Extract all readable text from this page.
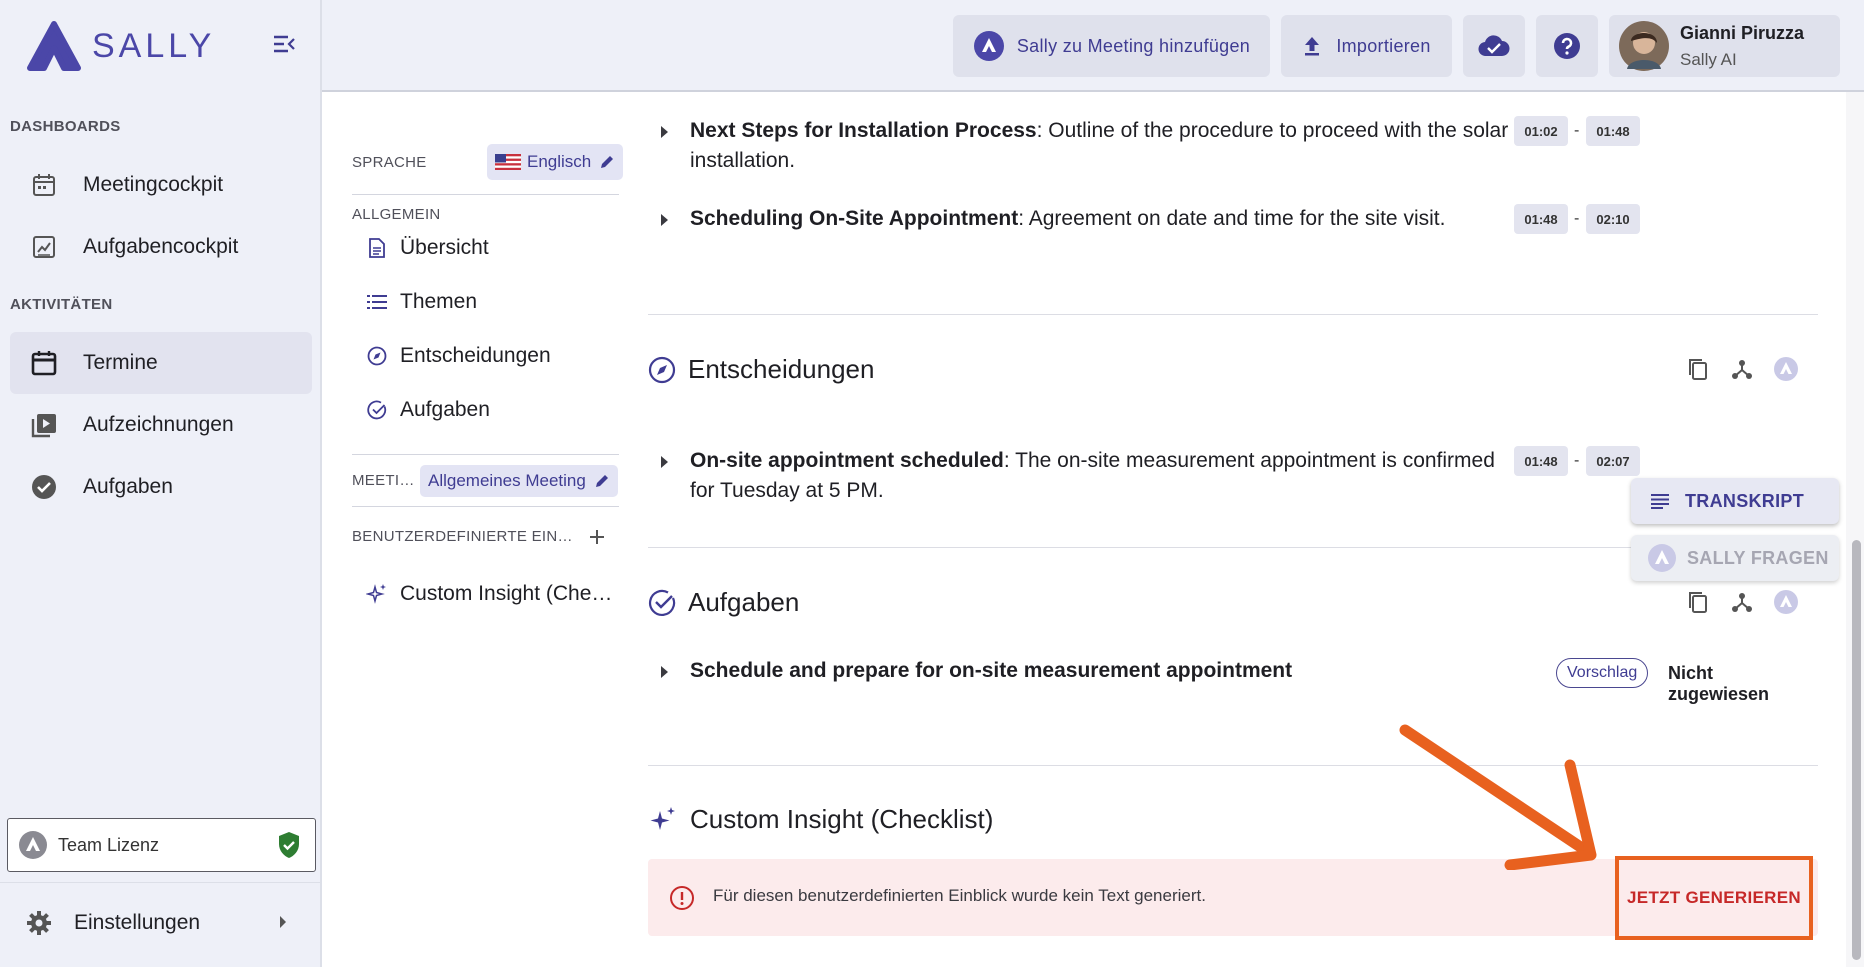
SALLY
DASHBOARDS
Meetingcockpit
Aufgabencockpit
AKTIVITÄTEN
Termine
Aufzeichnungen
Aufgaben
Team Lizenz
Einstellungen
Sally zu Meeting hinzufügen	Importieren
Gianni Piruzza
Sally AI
SPRACHE	Englisch
ALLGEMEIN
Übersicht
Themen
Entscheidungen
Aufgaben
MEETI… Allgemeines Meeting
BENUTZERDEFINIERTE EIN…
Custom Insight (Che…
Next Steps for Installation Process: Outline of the procedure to proceed with the solar installation.
01:02	-	01:48
Scheduling On-Site Appointment: Agreement on date and time for the site visit.	01:48	-	02:10
Entscheidungen
On-site appointment scheduled: The on-site measurement appointment is confirmed for Tuesday at 5 PM.
01:48	-	02:07
Aufgaben
Schedule and prepare for on-site measurement appointment	Vorschlag	Nicht zugewiesen
Custom Insight (Checklist)
Für diesen benutzerdefinierten Einblick wurde kein Text generiert.	JETZT GENERIEREN
TRANSKRIPT
SALLY FRAGEN
